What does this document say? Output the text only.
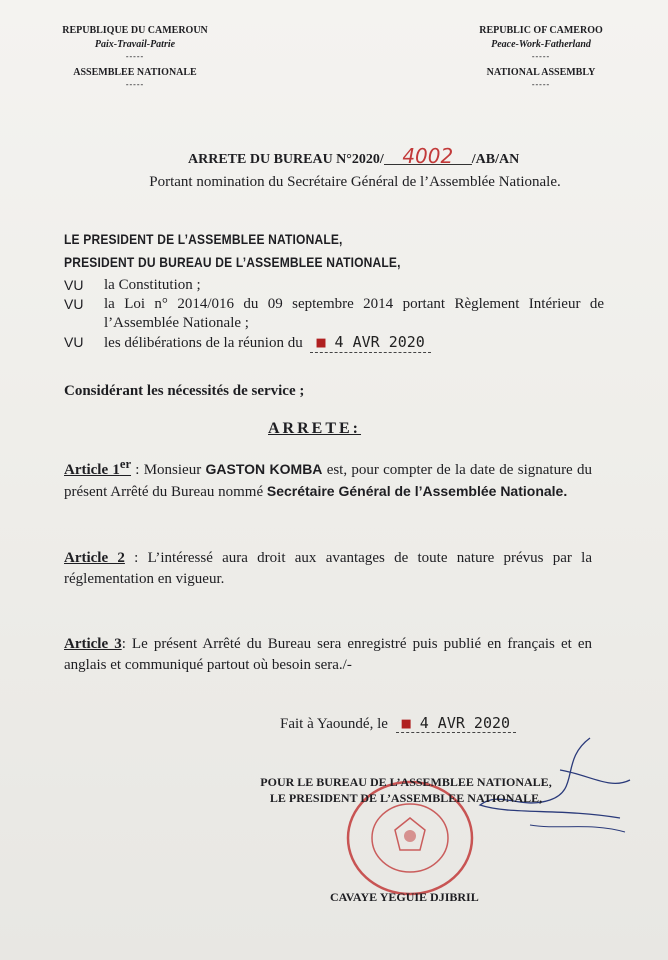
REPUBLIQUE DU CAMEROUN
Paix-Travail-Patrie
-----
ASSEMBLEE NATIONALE
-----
REPUBLIC OF CAMEROO
Peace-Work-Fatherland
-----
NATIONAL ASSEMBLY
-----
ARRETE DU BUREAU N°2020/ 4002 /AB/AN
Portant nomination du Secrétaire Général de l’Assemblée Nationale.
LE PRESIDENT DE L’ASSEMBLEE NATIONALE,
PRESIDENT DU BUREAU DE L’ASSEMBLEE NATIONALE,
VU	la Constitution ;
VU	la Loi n° 2014/016 du 09 septembre 2014 portant Règlement Intérieur de l’Assemblée Nationale ;
VU	les délibérations de la réunion du ■ 4 AVR 2020
Considérant les nécessités de service ;
ARRETE:
Article 1er : Monsieur GASTON KOMBA est, pour compter de la date de signature du présent Arrêté du Bureau nommé Secrétaire Général de l’Assemblée Nationale.
Article 2 : L’intéressé aura droit aux avantages de toute nature prévus par la réglementation en vigueur.
Article 3: Le présent Arrêté du Bureau sera enregistré puis publié en français et en anglais et communiqué partout où besoin sera./-
Fait à Yaoundé, le ■ 4 AVR 2020
POUR LE BUREAU DE L’ASSEMBLEE NATIONALE,
LE PRESIDENT DE L’ASSEMBLEE NATIONALE,
CAVAYE YEGUIE DJIBRIL
